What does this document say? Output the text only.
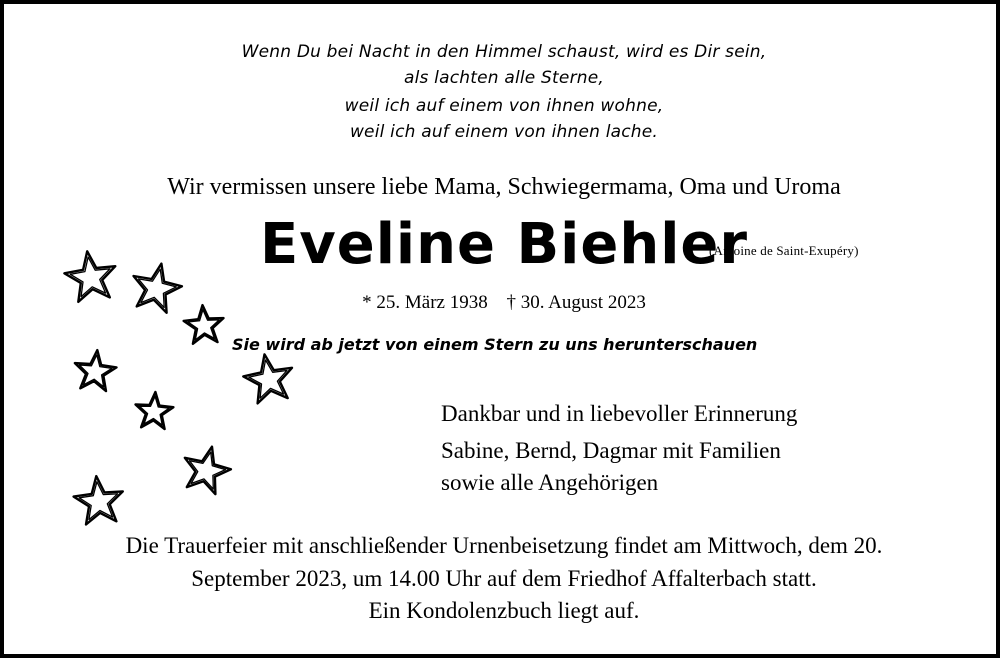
Wenn Du bei Nacht in den Himmel schaust, wird es Dir sein,
als lachten alle Sterne,
weil ich auf einem von ihnen wohne,
weil ich auf einem von ihnen lache.
(Antoine de Saint-Exupéry)
Wir vermissen unsere liebe Mama, Schwiegermama, Oma und Uroma
Eveline Biehler
* 25. März 1938 † 30. August 2023
Sie wird ab jetzt von einem Stern zu uns herunterschauen
Dankbar und in liebevoller Erinnerung
Sabine, Bernd, Dagmar mit Familien
sowie alle Angehörigen
Die Trauerfeier mit anschließender Urnenbeisetzung findet am Mittwoch, dem 20.
September 2023, um 14.00 Uhr auf dem Friedhof Affalterbach statt.
Ein Kondolenzbuch liegt auf.
